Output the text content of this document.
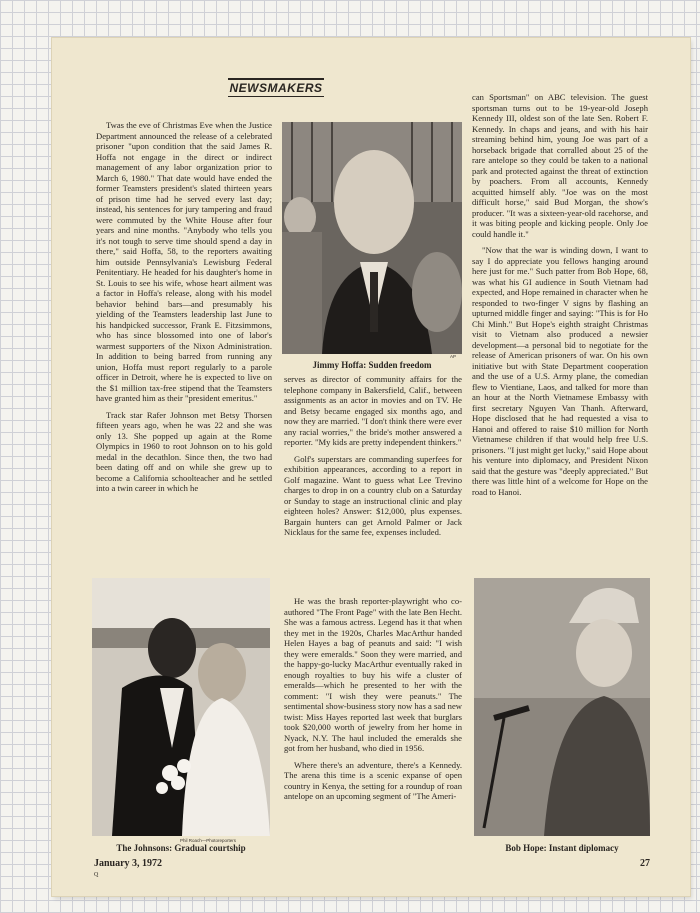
NEWSMAKERS

Twas the eve of Christmas Eve when the Justice Department announced the release of a celebrated prisoner "upon condition that the said James R. Hoffa not engage in the direct or indirect management of any labor organization prior to March 6, 1980." That date would have ended the former Teamsters president's slated thirteen years of prison time had he served every last day; instead, his sentences for jury tampering and fraud were commuted by the White House after four years and nine months. "Anybody who tells you it's not tough to serve time should spend a day in there," said Hoffa, 58, to the reporters awaiting him outside Pennsylvania's Lewisburg Federal Penitentiary. He headed for his daughter's home in St. Louis to see his wife, whose heart ailment was a factor in Hoffa's release, along with his model behavior behind bars—and presumably his yielding of the Teamsters leadership last June to his handpicked successor, Frank E. Fitzsimmons, who has since blossomed into one of labor's warmest supporters of the Nixon Administration. In addition to being barred from running any union, Hoffa must report regularly to a parole officer in Detroit, where he is expected to live on the $1 million tax-free stipend that the Teamsters have granted him as their "president emeritus."

Track star Rafer Johnson met Betsy Thorsen fifteen years ago, when he was 22 and she was only 13. She popped up again at the Rome Olympics in 1960 to root Johnson on to his gold medal in the decathlon. Since then, the two had been dating off and on while she grew up to become a California schoolteacher and he settled into a twin career in which he

Jimmy Hoffa: Sudden freedom
AP

serves as director of community affairs for the telephone company in Bakersfield, Calif., between assignments as an actor in movies and on TV. He and Betsy became engaged six months ago, and now they are married. "I don't think there were ever any racial worries," the bride's mother answered a reporter. "My kids are pretty independent thinkers."

Golf's superstars are commanding superfees for exhibition appearances, according to a report in Golf magazine. Want to guess what Lee Trevino charges to drop in on a country club on a Saturday or Sunday to stage an instructional clinic and play eighteen holes? Answer: $12,000, plus expenses. Bargain hunters can get Arnold Palmer or Jack Nicklaus for the same fee, expenses included.

Phil Roach—Photoreporters
The Johnsons: Gradual courtship

He was the brash reporter-playwright who co-authored "The Front Page" with the late Ben Hecht. She was a famous actress. Legend has it that when they met in the 1920s, Charles MacArthur handed Helen Hayes a bag of peanuts and said: "I wish they were emeralds." Soon they were married, and the happy-go-lucky MacArthur eventually raked in enough royalties to buy his wife a cluster of emeralds—which he presented to her with the comment: "I wish they were peanuts." The sentimental show-business story now has a sad new twist: Miss Hayes reported last week that burglars took $20,000 worth of jewelry from her home in Nyack, N.Y. The haul included the emeralds she got from her husband, who died in 1956.

Where there's an adventure, there's a Kennedy. The arena this time is a scenic expanse of open country in Kenya, the setting for a roundup of roan antelope on an upcoming segment of "The Ameri-

can Sportsman" on ABC television. The guest sportsman turns out to be 19-year-old Joseph Kennedy III, oldest son of the late Sen. Robert F. Kennedy. In chaps and jeans, and with his hair streaming behind him, young Joe was part of a horseback brigade that corralled about 25 of the rare antelope so they could be taken to a national park and protected against the threat of extinction by poachers. From all accounts, Kennedy acquitted himself ably. "Joe was on the most difficult horse," said Bud Morgan, the show's producer. "It was a sixteen-year-old racehorse, and it was biting people and kicking people. Only Joe could handle it."

"Now that the war is winding down, I want to say I do appreciate you fellows hanging around here just for me." Such patter from Bob Hope, 68, was what his GI audience in South Vietnam had expected, and Hope remained in character when he responded to two-finger V signs by flashing an upturned middle finger and saying: "This is for Ho Chi Minh." But Hope's eighth straight Christmas visit to Vietnam also produced a newsier development—a personal bid to negotiate for the release of American prisoners of war. On his own initiative but with State Department cooperation and the use of a U.S. Army plane, the comedian flew to Vientiane, Laos, and talked for more than an hour at the North Vietnamese Embassy with first secretary Nguyen Van Thanh. Afterward, Hope disclosed that he had requested a visa to Hanoi and offered to raise $10 million for North Vietnamese children if that would help free U.S. prisoners. "I just might get lucky," said Hope about his venture into diplomacy, and President Nixon said that the gesture was "deeply appreciated." But there was little hint of a welcome for Hope on the road to Hanoi.

Bob Hope: Instant diplomacy
January 3, 1972
Q
27
